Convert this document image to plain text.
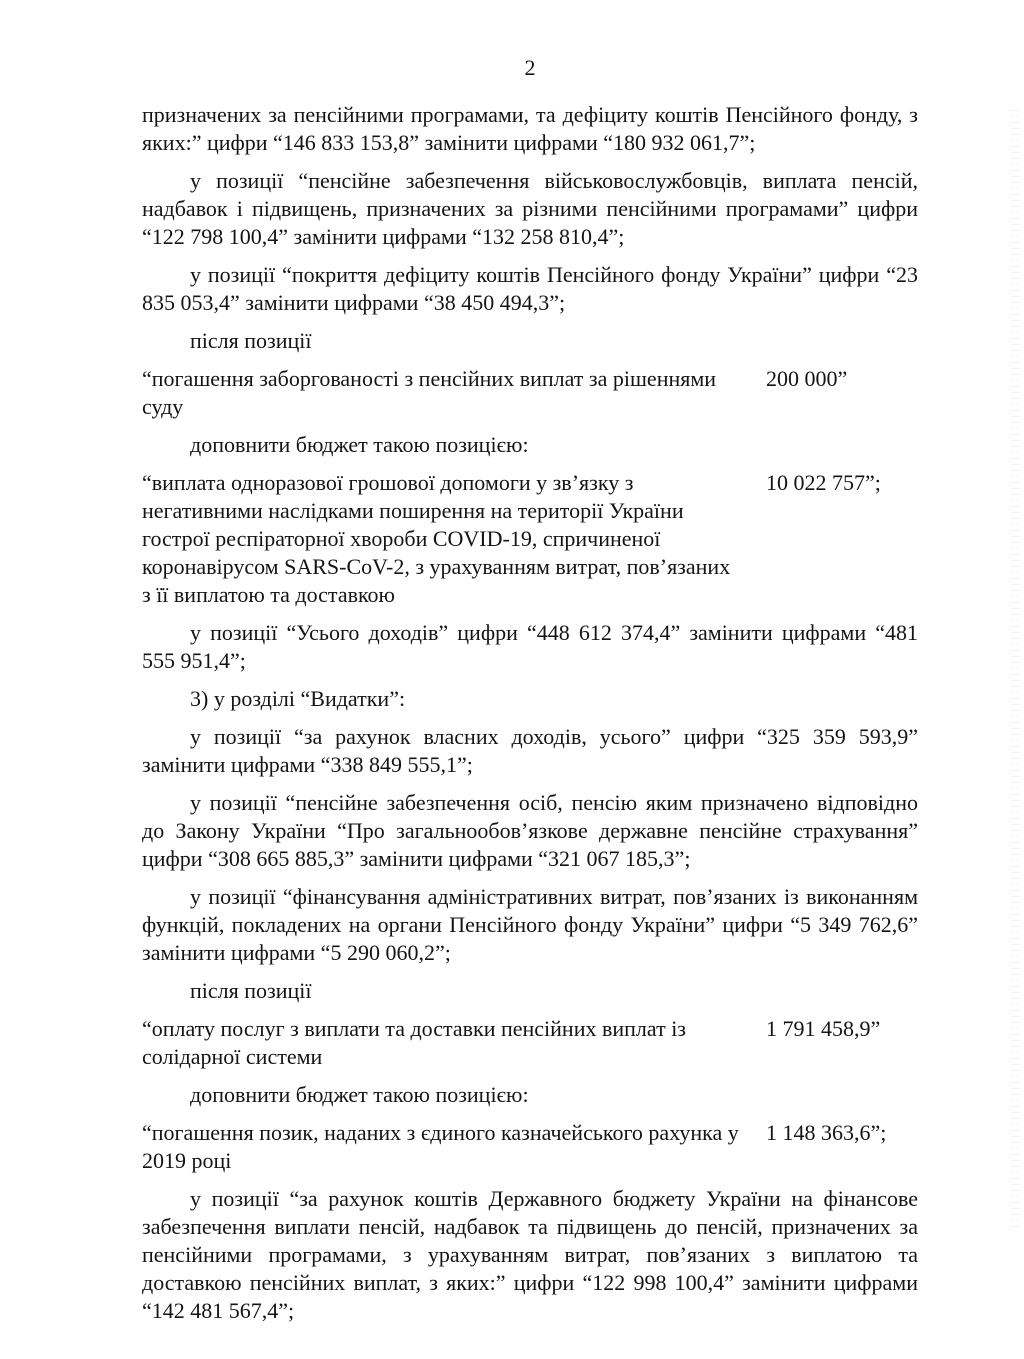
2

призначених за пенсійними програмами, та дефіциту коштів Пенсійного фонду, з яких:” цифри “146 833 153,8” замінити цифрами “180 932 061,7”;

у позиції “пенсійне забезпечення військовослужбовців, виплата пенсій, надбавок і підвищень, призначених за різними пенсійними програмами” цифри “122 798 100,4” замінити цифрами “132 258 810,4”;

у позиції “покриття дефіциту коштів Пенсійного фонду України” цифри “23 835 053,4” замінити цифрами “38 450 494,3”;

після позиції
“погашення заборгованості з пенсійних виплат за рішеннями суду
200 000”
доповнити бюджет такою позицією:
“виплата одноразової грошової допомоги у зв’язку з негативними наслідками поширення на території України гострої респіраторної хвороби COVID-19, спричиненої коронавірусом SARS-CoV-2, з урахуванням витрат, пов’язаних з її виплатою та доставкою
10 022 757”;

у позиції “Усього доходів” цифри “448 612 374,4” замінити цифрами “481 555 951,4”;

3) у розділі “Видатки”:

у позиції “за рахунок власних доходів, усього” цифри “325 359 593,9” замінити цифрами “338 849 555,1”;

у позиції “пенсійне забезпечення осіб, пенсію яким призначено відповідно до Закону України “Про загальнообов’язкове державне пенсійне страхування” цифри “308 665 885,3” замінити цифрами “321 067 185,3”;

у позиції “фінансування адміністративних витрат, пов’язаних із виконанням функцій, покладених на органи Пенсійного фонду України” цифри “5 349 762,6” замінити цифрами “5 290 060,2”;

після позиції
“оплату послуг з виплати та доставки пенсійних виплат із солідарної системи
1 791 458,9”
доповнити бюджет такою позицією:
“погашення позик, наданих з єдиного казначейського рахунка у 2019 році
1 148 363,6”;

у позиції “за рахунок коштів Державного бюджету України на фінансове забезпечення виплати пенсій, надбавок та підвищень до пенсій, призначених за пенсійними програмами, з урахуванням витрат, пов’язаних з виплатою та доставкою пенсійних виплат, з яких:” цифри “122 998 100,4” замінити цифрами “142 481 567,4”;
